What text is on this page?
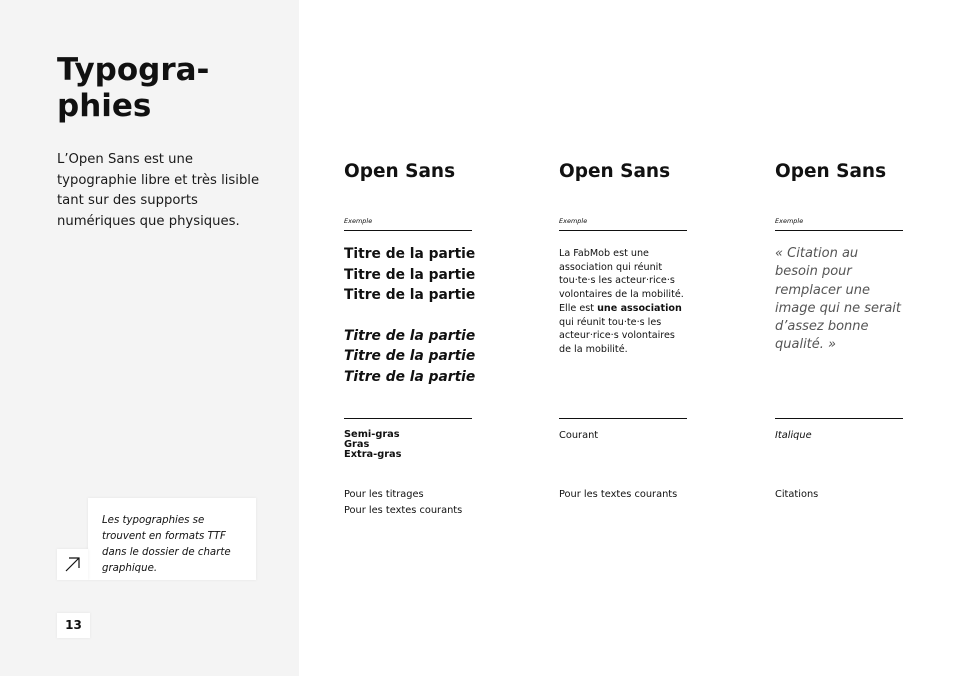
Typogra-
phies
L’Open Sans est une typographie libre et très lisible tant sur des supports numériques que physiques.
Les typographies se trouvent en formats TTF dans le dossier de charte graphique.
13
Open Sans
Exemple
Titre de la partie
Titre de la partie
Titre de la partie
Titre de la partie
Titre de la partie
Titre de la partie
Semi-gras
Gras
Extra-gras
Pour les titrages
Pour les textes courants
Open Sans
Exemple
La FabMob est une association qui réunit tou·te·s les acteur·rice·s volontaires de la mobilité. Elle est une association qui réunit tou·te·s les acteur·rice·s volontaires de la mobilité.
Courant
Pour les textes courants
Open Sans
Exemple
« Citation au besoin pour remplacer une image qui ne serait d’assez bonne qualité. »
Italique
Citations
